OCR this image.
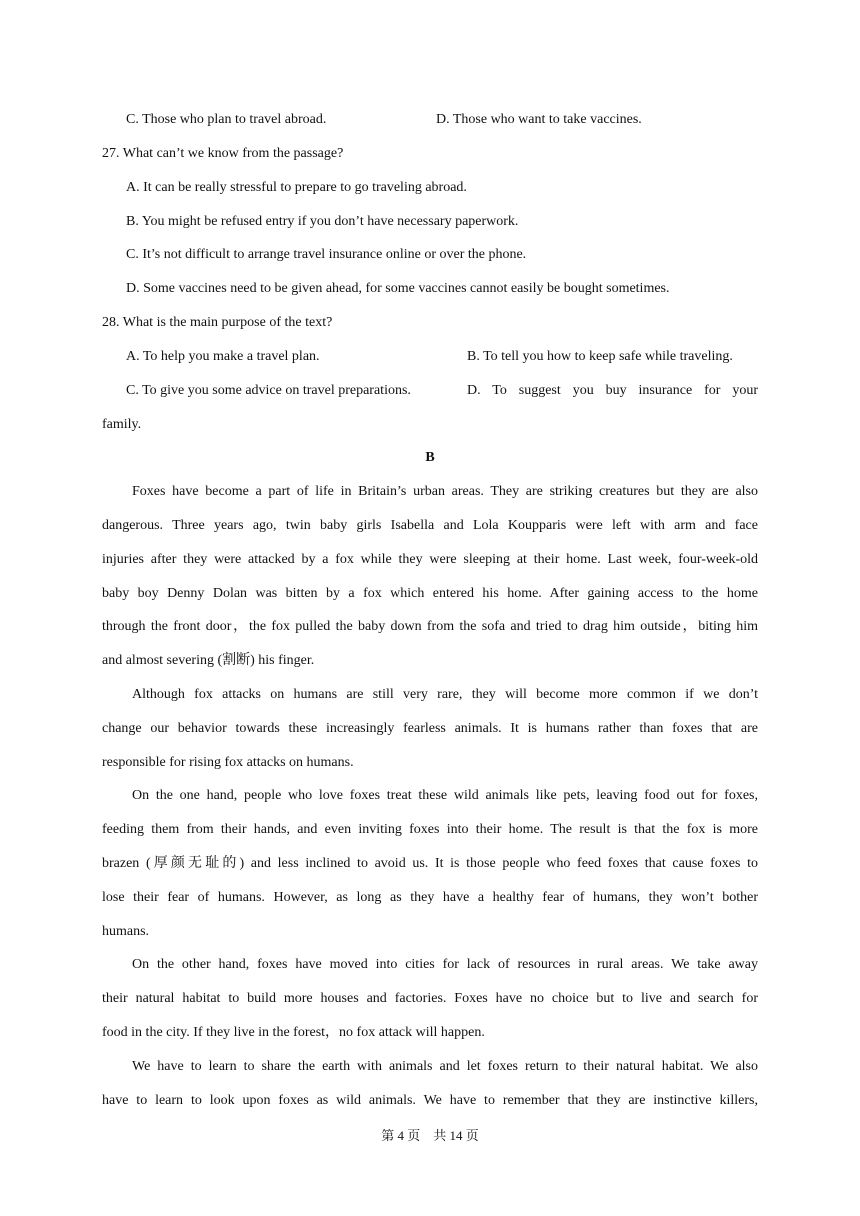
C. Those who plan to travel abroad.	D. Those who want to take vaccines.
27. What can’t we know from the passage?
A. It can be really stressful to prepare to go traveling abroad.
B. You might be refused entry if you don’t have necessary paperwork.
C. It’s not difficult to arrange travel insurance online or over the phone.
D. Some vaccines need to be given ahead, for some vaccines cannot easily be bought sometimes.
28. What is the main purpose of the text?
A. To help you make a travel plan.	B. To tell you how to keep safe while traveling.
C. To give you some advice on travel preparations.	D. To suggest you buy insurance for your
family.
B
Foxes have become a part of life in Britain’s urban areas. They are striking creatures but they are also
dangerous. Three years ago, twin baby girls Isabella and Lola Koupparis were left with arm and face
injuries after they were attacked by a fox while they were sleeping at their home. Last week, four-week-old
baby boy Denny Dolan was bitten by a fox which entered his home. After gaining access to the home
through the front door，the fox pulled the baby down from the sofa and tried to drag him outside，biting him
and almost severing (割断) his finger.
Although fox attacks on humans are still very rare, they will become more common if we don’t
change our behavior towards these increasingly fearless animals. It is humans rather than foxes that are
responsible for rising fox attacks on humans.
On the one hand, people who love foxes treat these wild animals like pets, leaving food out for foxes,
feeding them from their hands, and even inviting foxes into their home. The result is that the fox is more
brazen (厚颜无耻的) and less inclined to avoid us. It is those people who feed foxes that cause foxes to
lose their fear of humans. However, as long as they have a healthy fear of humans, they won’t bother
humans.
On the other hand, foxes have moved into cities for lack of resources in rural areas. We take away
their natural habitat to build more houses and factories. Foxes have no choice but to live and search for
food in the city. If they live in the forest，no fox attack will happen.
We have to learn to share the earth with animals and let foxes return to their natural habitat. We also
have to learn to look upon foxes as wild animals. We have to remember that they are instinctive killers,
第 4 页　共 14 页
